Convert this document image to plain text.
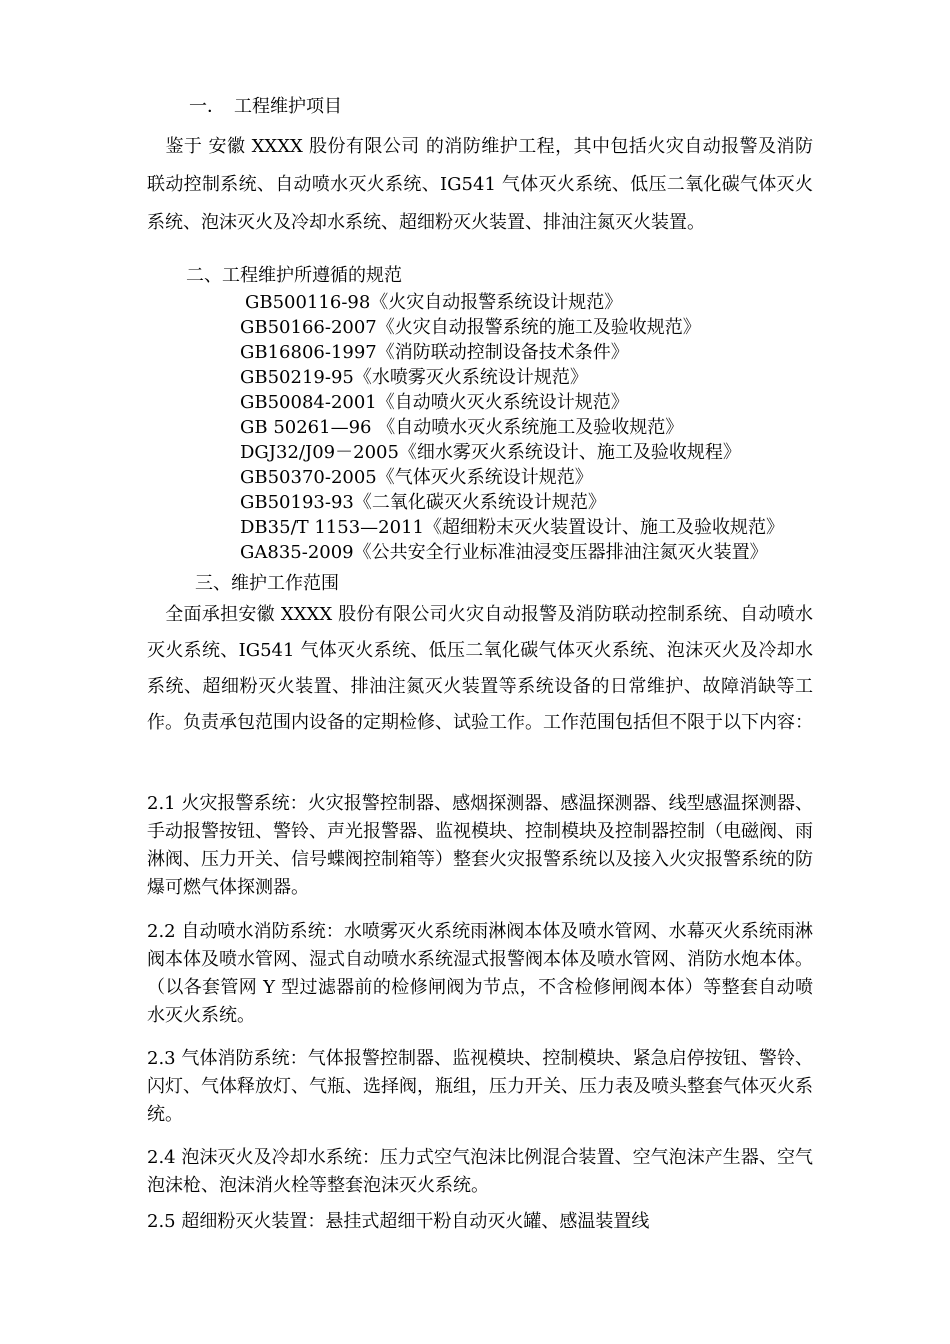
一．　工程维护项目
　鉴于 安徽 XXXX 股份有限公司 的消防维护工程，其中包括火灾自动报警及消防联动控制系统、自动喷水灭火系统、IG541 气体灭火系统、低压二氧化碳气体灭火系统、泡沫灭火及冷却水系统、超细粉灭火装置、排油注氮灭火装置。
二、工程维护所遵循的规范
GB500116-98《火灾自动报警系统设计规范》
GB50166-2007《火灾自动报警系统的施工及验收规范》
GB16806-1997《消防联动控制设备技术条件》
GB50219-95《水喷雾灭火系统设计规范》
GB50084-2001《自动喷火灭火系统设计规范》
GB 50261—96 《自动喷水灭火系统施工及验收规范》
DGJ32/J09－2005《细水雾灭火系统设计、施工及验收规程》
GB50370-2005《气体灭火系统设计规范》
GB50193-93《二氧化碳灭火系统设计规范》
DB35/T 1153—2011《超细粉末灭火装置设计、施工及验收规范》
GA835-2009《公共安全行业标准油浸变压器排油注氮灭火装置》
三、维护工作范围
　全面承担安徽 XXXX 股份有限公司火灾自动报警及消防联动控制系统、自动喷水灭火系统、IG541 气体灭火系统、低压二氧化碳气体灭火系统、泡沫灭火及冷却水系统、超细粉灭火装置、排油注氮灭火装置等系统设备的日常维护、故障消缺等工作。负责承包范围内设备的定期检修、试验工作。工作范围包括但不限于以下内容：
2.1 火灾报警系统：火灾报警控制器、感烟探测器、感温探测器、线型感温探测器、手动报警按钮、警铃、声光报警器、监视模块、控制模块及控制器控制（电磁阀、雨淋阀、压力开关、信号蝶阀控制箱等）整套火灾报警系统以及接入火灾报警系统的防爆可燃气体探测器。
2.2 自动喷水消防系统：水喷雾灭火系统雨淋阀本体及喷水管网、水幕灭火系统雨淋阀本体及喷水管网、湿式自动喷水系统湿式报警阀本体及喷水管网、消防水炮本体。（以各套管网 Y 型过滤器前的检修闸阀为节点，不含检修闸阀本体）等整套自动喷水灭火系统。
2.3 气体消防系统：气体报警控制器、监视模块、控制模块、紧急启停按钮、警铃、闪灯、气体释放灯、气瓶、选择阀，瓶组，压力开关、压力表及喷头整套气体灭火系统。
2.4 泡沫灭火及冷却水系统：压力式空气泡沫比例混合装置、空气泡沫产生器、空气泡沫枪、泡沫消火栓等整套泡沫灭火系统。
2.5 超细粉灭火装置：悬挂式超细干粉自动灭火罐、感温装置线
